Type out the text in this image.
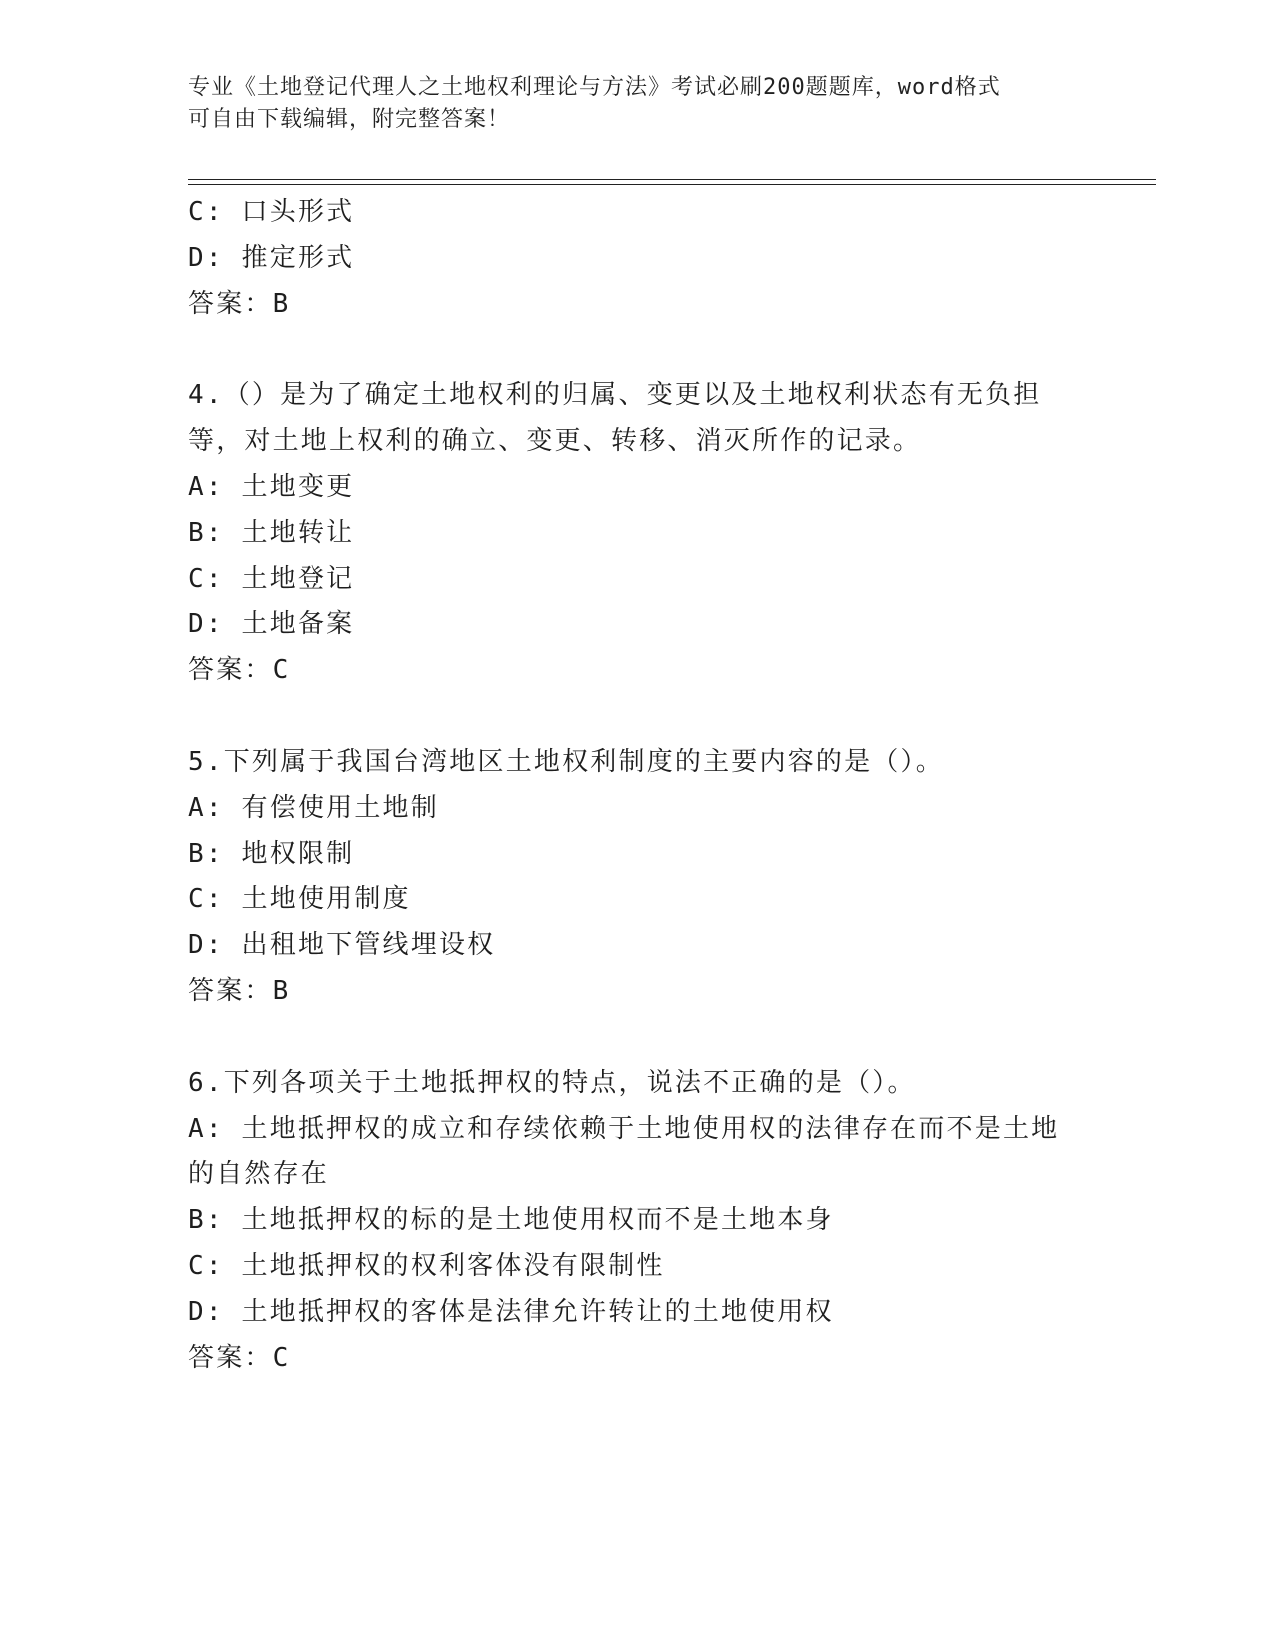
专业《土地登记代理人之土地权利理论与方法》考试必刷200题题库，word格式
可自由下载编辑，附完整答案！
C: 口头形式
D: 推定形式
答案：B
4.（）是为了确定土地权利的归属、变更以及土地权利状态有无负担
等，对土地上权利的确立、变更、转移、消灭所作的记录。
A: 土地变更
B: 土地转让
C: 土地登记
D: 土地备案
答案：C
5.下列属于我国台湾地区土地权利制度的主要内容的是（）。
A: 有偿使用土地制
B: 地权限制
C: 土地使用制度
D: 出租地下管线埋设权
答案：B
6.下列各项关于土地抵押权的特点，说法不正确的是（）。
A: 土地抵押权的成立和存续依赖于土地使用权的法律存在而不是土地
的自然存在
B: 土地抵押权的标的是土地使用权而不是土地本身
C: 土地抵押权的权利客体没有限制性
D: 土地抵押权的客体是法律允许转让的土地使用权
答案：C
